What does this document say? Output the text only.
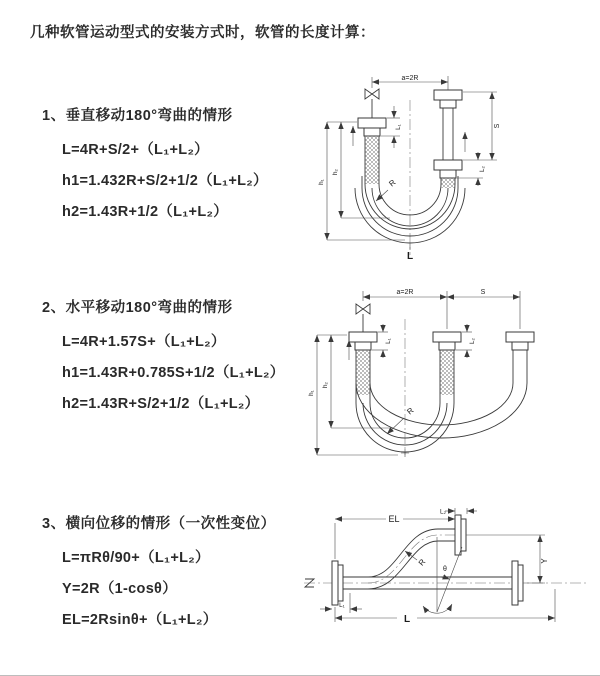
几种软管运动型式的安装方式时，软管的长度计算：
1、垂直移动180°弯曲的情形
L=4R+S/2+（L₁+L₂）
h1=1.432R+S/2+1/2（L₁+L₂）
h2=1.43R+1/2（L₁+L₂）
2、水平移动180°弯曲的情形
L=4R+1.57S+（L₁+L₂）
h1=1.43R+0.785S+1/2（L₁+L₂）
h2=1.43R+S/2+1/2（L₁+L₂）
3、横向位移的情形（一次性变位）
L=πRθ/90+（L₁+L₂）
Y=2R（1-cosθ）
EL=2Rsinθ+（L₁+L₂）
a=2R
h₁
h₂
L₁	S
L₂
R
L
a=2R	S
h₁
h₂
L₁	L₂
R
EL
L₂
Y
L
L₁
R
θ
